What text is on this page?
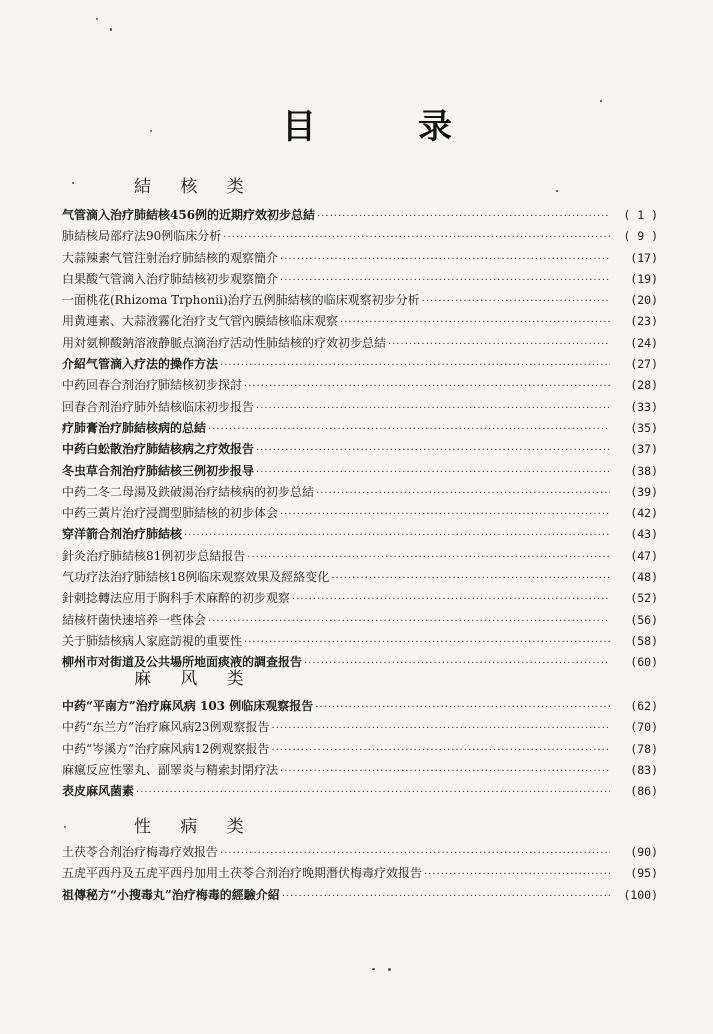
目	录
結 核 类
气管滴入治疗肺結核456例的近期疗效初步总結 ·····	( 1 )
肺結核局部疗法90例临床分析 ·····	( 9 )
大蒜辣素气管注射治疗肺結核的观察簡介 ·····	(17)
白果酸气管滴入治疗肺結核初步观察簡介 ·····	(19)
一面桃花(Rhizoma Trphonii)治疗五例肺結核的临床观察初步分析 ·····	(20)
用黄連素、大蒜液霧化治疗支气管內膜結核临床观察 ·····	(23)
用対氨柳酸鈉溶液静脈点滴治疗活动性肺結核的疗效初步总結 ·····	(24)
介紹气管滴入疗法的操作方法 ·····	(27)
中药回春合剂治疗肺結核初步探討 ·····	(28)
回春合剂治疗肺外結核临床初步报告 ·····	(33)
疗肺膏治疗肺結核病的总結 ·····	(35)
中药白蚣散治疗肺結核病之疗效报告 ·····	(37)
冬虫草合剂治疗肺結核三例初步报导 ·····	(38)
中药二冬二母湯及鉄破湯治疗結核病的初步总結 ·····	(39)
中药三黃片治疗浸潤型肺結核的初步体会 ·····	(42)
穿洋箭合剂治疗肺結核 ·····	(43)
針灸治疗肺結核81例初步总結报告 ·····	(47)
气功疗法治疗肺結核18例临床观察效果及經絡变化 ·····	(48)
針刺捻轉法应用于胸科手术麻醉的初步观察 ·····	(52)
結核杆菌快速培养一些体会 ·····	(56)
关于肺結核病人家庭訪視的重要性 ·····	(58)
柳州市对街道及公共場所地面痰液的調查报告 ·····	(60)
麻 风 类
中药“平南方”治疗麻风病 103 例临床观察报告 ·····	(62)
中药“东兰方”治疗麻风病23例观察报告 ·····	(70)
中药“岑溪方”治疗麻风病12例观察报告 ·····	(78)
麻瘋反应性睪丸、副睪炎与精索封閉疗法 ·····	(83)
表皮麻风菌素 ·····	(86)
性 病 类
土茯苓合剂治疗梅毒疗效报告 ·····	(90)
五虎平西丹及五虎平西丹加用土茯苓合剂治疗晚期潛伏梅毒疗效报告 ·····	(95)
祖傳秘方“小搜毒丸”治疗梅毒的經驗介紹 ·····	(100)
